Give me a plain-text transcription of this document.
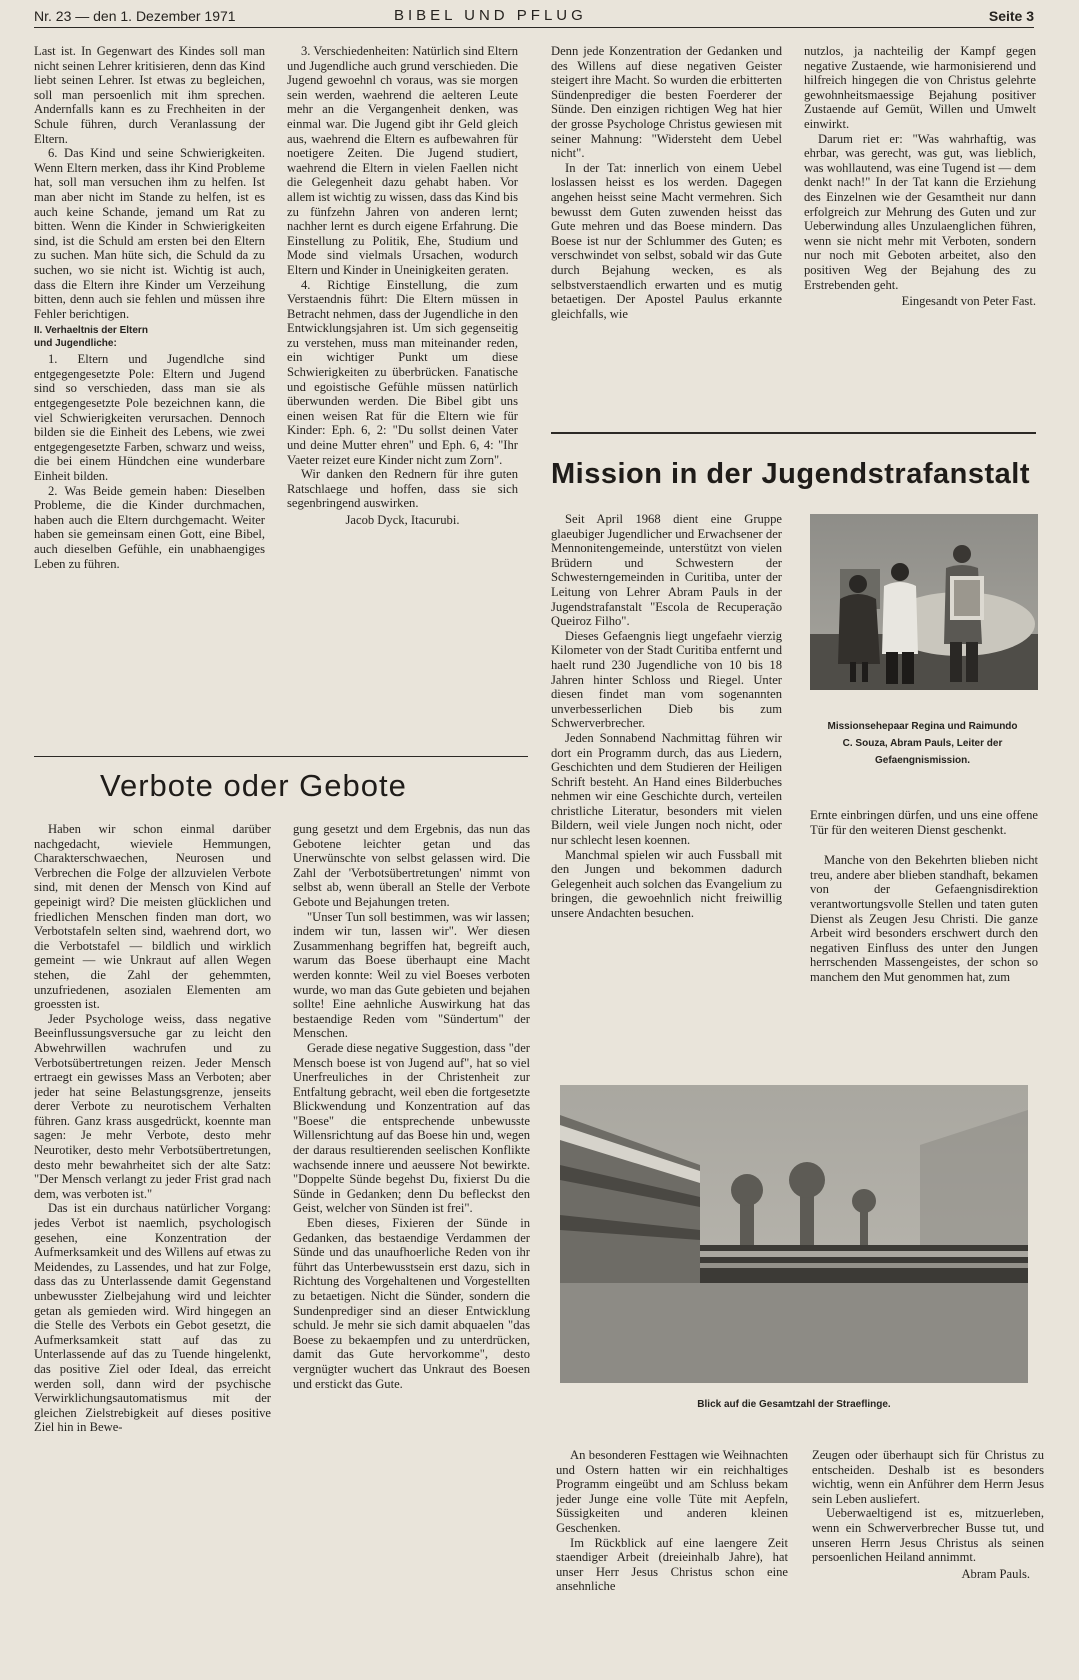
Nr. 23 — den 1. Dezember 1971	BIBEL UND PFLUG	Seite 3

Last ist. In Gegenwart des Kindes soll man nicht seinen Lehrer kritisieren, denn das Kind liebt seinen Lehrer. Ist etwas zu begleichen, soll man persoenlich mit ihm sprechen. Andernfalls kann es zu Frechheiten in der Schule führen, durch Veranlassung der Eltern.

6. Das Kind und seine Schwierigkeiten. Wenn Eltern merken, dass ihr Kind Probleme hat, soll man versuchen ihm zu helfen. Ist man aber nicht im Stande zu helfen, ist es auch keine Schande, jemand um Rat zu bitten. Wenn die Kinder in Schwierigkeiten sind, ist die Schuld am ersten bei den Eltern zu suchen. Man hüte sich, die Schuld da zu suchen, wo sie nicht ist. Wichtig ist auch, dass die Eltern ihre Kinder um Verzeihung bitten, denn auch sie fehlen und müssen ihre Fehler berichtigen.

II. Verhaeltnis der Eltern
und Jugendliche:

1. Eltern und Jugendlche sind entgegengesetzte Pole: Eltern und Jugend sind so verschieden, dass man sie als entgegengesetzte Pole bezeichnen kann, die viel Schwierigkeiten verursachen. Dennoch bilden sie die Einheit des Lebens, wie zwei entgegengesetzte Farben, schwarz und weiss, die bei einem Hündchen eine wunderbare Einheit bilden.

2. Was Beide gemein haben: Dieselben Probleme, die die Kinder durchmachen, haben auch die Eltern durchgemacht. Weiter haben sie gemeinsam einen Gott, eine Bibel, auch dieselben Gefühle, ein unabhaengiges Leben zu führen.

3. Verschiedenheiten: Natürlich sind Eltern und Jugendliche auch grund verschieden. Die Jugend gewoehnl ch voraus, was sie morgen sein werden, waehrend die aelteren Leute mehr an die Vergangenheit denken, was einmal war. Die Jugend gibt ihr Geld gleich aus, waehrend die Eltern es aufbewahren für noetigere Zeiten. Die Jugend studiert, waehrend die Eltern in vielen Faellen nicht die Gelegenheit dazu gehabt haben. Vor allem ist wichtig zu wissen, dass das Kind bis zu fünfzehn Jahren von anderen lernt; nachher lernt es durch eigene Erfahrung. Die Einstellung zu Politik, Ehe, Studium und Mode sind vielmals Ursachen, wodurch Eltern und Kinder in Uneinigkeiten geraten.

4. Richtige Einstellung, die zum Verstaendnis führt: Die Eltern müssen in Betracht nehmen, dass der Jugendliche in den Entwicklungsjahren ist. Um sich gegenseitig zu verstehen, muss man miteinander reden, ein wichtiger Punkt um diese Schwierigkeiten zu überbrücken. Fanatische und egoistische Gefühle müssen natürlich überwunden werden. Die Bibel gibt uns einen weisen Rat für die Eltern wie für Kinder: Eph. 6, 2: "Du sollst deinen Vater und deine Mutter ehren" und Eph. 6, 4: "Ihr Vaeter reizet eure Kinder nicht zum Zorn".

Wir danken den Rednern für ihre guten Ratschlaege und hoffen, dass sie sich segenbringend auswirken.

Jacob Dyck, Itacurubi.

Denn jede Konzentration der Gedanken und des Willens auf diese negativen Geister steigert ihre Macht. So wurden die erbitterten Sündenprediger die besten Foerderer der Sünde. Den einzigen richtigen Weg hat hier der grosse Psychologe Christus gewiesen mit seiner Mahnung: "Widersteht dem Uebel nicht".

In der Tat: innerlich von einem Uebel loslassen heisst es los werden. Dagegen angehen heisst seine Macht vermehren. Sich bewusst dem Guten zuwenden heisst das Gute mehren und das Boese mindern. Das Boese ist nur der Schlummer des Guten; es verschwindet von selbst, sobald wir das Gute durch Bejahung wecken, es als selbstverstaendlich erwarten und es mutig betaetigen. Der Apostel Paulus erkannte gleichfalls, wie

nutzlos, ja nachteilig der Kampf gegen negative Zustaende, wie harmonisierend und hilfreich hingegen die von Christus gelehrte gewohnheitsmaessige Bejahung positiver Zustaende auf Gemüt, Willen und Umwelt einwirkt.

Darum riet er: "Was wahrhaftig, was ehrbar, was gerecht, was gut, was lieblich, was wohllautend, was eine Tugend ist — dem denkt nach!" In der Tat kann die Erziehung des Einzelnen wie der Gesamtheit nur dann erfolgreich zur Mehrung des Guten und zur Ueberwindung alles Unzulaenglichen führen, wenn sie nicht mehr mit Verboten, sondern nur noch mit Geboten arbeitet, also den positiven Weg der Bejahung des zu Erstrebenden geht.

Eingesandt von Peter Fast.

Mission in der Jugendstrafanstalt

Seit April 1968 dient eine Gruppe glaeubiger Jugendlicher und Erwachsener der Mennonitengemeinde, unterstützt von vielen Brüdern und Schwestern der Schwesterngemeinden in Curitiba, unter der Leitung von Lehrer Abram Pauls in der Jugendstrafanstalt "Escola de Recuperação Queiroz Filho".

Dieses Gefaengnis liegt ungefaehr vierzig Kilometer von der Stadt Curitiba entfernt und haelt rund 230 Jugendliche von 10 bis 18 Jahren hinter Schloss und Riegel. Unter diesen findet man vom sogenannten unverbesserlichen Dieb bis zum Schwerverbrecher.

Jeden Sonnabend Nachmittag führen wir dort ein Programm durch, das aus Liedern, Geschichten und dem Studieren der Heiligen Schrift besteht. An Hand eines Bilderbuches nehmen wir eine Geschichte durch, verteilen christliche Literatur, besonders mit vielen Bildern, weil viele Jungen noch nicht, oder nur schlecht lesen koennen.

Manchmal spielen wir auch Fussball mit den Jungen und bekommen dadurch Gelegenheit auch solchen das Evangelium zu bringen, die gewoehnlich nicht freiwillig unsere Andachten besuchen.

Missionsehepaar Regina und Raimundo
C. Souza, Abram Pauls, Leiter der Gefaengnismission.

Ernte einbringen dürfen, und uns eine offene Tür für den weiteren Dienst geschenkt.

Manche von den Bekehrten blieben nicht treu, andere aber blieben standhaft, bekamen von der Gefaengnisdirektion verantwortungsvolle Stellen und taten guten Dienst als Zeugen Jesu Christi. Die ganze Arbeit wird besonders erschwert durch den negativen Einfluss des unter den Jungen herrschenden Massengeistes, der schon so manchem den Mut genommen hat, zum

Blick auf die Gesamtzahl der Straeflinge.

An besonderen Festtagen wie Weihnachten und Ostern hatten wir ein reichhaltiges Programm eingeübt und am Schluss bekam jeder Junge eine volle Tüte mit Aepfeln, Süssigkeiten und anderen kleinen Geschenken.

Im Rückblick auf eine laengere Zeit staendiger Arbeit (dreieinhalb Jahre), hat unser Herr Jesus Christus schon eine ansehnliche

Zeugen oder überhaupt sich für Christus zu entscheiden. Deshalb ist es besonders wichtig, wenn ein Anführer dem Herrn Jesus sein Leben ausliefert.

Ueberwaeltigend ist es, mitzuerleben, wenn ein Schwerverbrecher Busse tut, und unseren Herrn Jesus Christus als seinen persoenlichen Heiland annimmt.

Abram Pauls.

Verbote oder Gebote

Haben wir schon einmal darüber nachgedacht, wieviele Hemmungen, Charakterschwaechen, Neurosen und Verbrechen die Folge der allzuvielen Verbote sind, mit denen der Mensch von Kind auf gepeinigt wird? Die meisten glücklichen und friedlichen Menschen finden man dort, wo Verbotstafeln selten sind, waehrend dort, wo die Verbotstafel — bildlich und wirklich gemeint — wie Unkraut auf allen Wegen stehen, die Zahl der gehemmten, unzufriedenen, asozialen Elementen am groessten ist.

Jeder Psychologe weiss, dass negative Beeinflussungsversuche gar zu leicht den Abwehrwillen wachrufen und zu Verbotsübertretungen reizen. Jeder Mensch ertraegt ein gewisses Mass an Verboten; aber jeder hat seine Belastungsgrenze, jenseits derer Verbote zu neurotischem Verhalten führen. Ganz krass ausgedrückt, koennte man sagen: Je mehr Verbote, desto mehr Neurotiker, desto mehr Verbotsübertretungen, desto mehr bewahrheitet sich der alte Satz: "Der Mensch verlangt zu jeder Frist grad nach dem, was verboten ist."

Das ist ein durchaus natürlicher Vorgang: jedes Verbot ist naemlich, psychologisch gesehen, eine Konzentration der Aufmerksamkeit und des Willens auf etwas zu Meidendes, zu Lassendes, und hat zur Folge, dass das zu Unterlassende damit Gegenstand unbewusster Zielbejahung wird und leichter getan als gemieden wird. Wird hingegen an die Stelle des Verbots ein Gebot gesetzt, die Aufmerksamkeit statt auf das zu Unterlassende auf das zu Tuende hingelenkt, das positive Ziel oder Ideal, das erreicht werden soll, dann wird der psychische Verwirklichungsautomatismus mit der gleichen Zielstrebigkeit auf dieses positive Ziel hin in Bewe-

gung gesetzt und dem Ergebnis, das nun das Gebotene leichter getan und das Unerwünschte von selbst gelassen wird. Die Zahl der 'Verbotsübertretungen' nimmt von selbst ab, wenn überall an Stelle der Verbote Gebote und Bejahungen treten.

"Unser Tun soll bestimmen, was wir lassen; indem wir tun, lassen wir". Wer diesen Zusammenhang begriffen hat, begreift auch, warum das Boese überhaupt eine Macht werden konnte: Weil zu viel Boeses verboten wurde, wo man das Gute gebieten und bejahen sollte! Eine aehnliche Auswirkung hat das bestaendige Reden vom "Sündertum" der Menschen.

Gerade diese negative Suggestion, dass "der Mensch boese ist von Jugend auf", hat so viel Unerfreuliches in der Christenheit zur Entfaltung gebracht, weil eben die fortgesetzte Blickwendung und Konzentration auf das "Boese" die entsprechende unbewusste Willensrichtung auf das Boese hin und, wegen der daraus resultierenden seelischen Konflikte wachsende innere und aeussere Not bewirkte. "Doppelte Sünde begehst Du, fixierst Du die Sünde in Gedanken; denn Du befleckst den Geist, welcher von Sünden ist frei".

Eben dieses, Fixieren der Sünde in Gedanken, das bestaendige Verdammen der Sünde und das unaufhoerliche Reden von ihr führt das Unterbewusstsein erst dazu, sich in Richtung des Vorgehaltenen und Vorgestellten zu betaetigen. Nicht die Sünder, sondern die Sundenprediger sind an dieser Entwicklung schuld. Je mehr sie sich damit abquaelen "das Boese zu bekaempfen und zu unterdrücken, damit das Gute hervorkomme", desto vergnügter wuchert das Unkraut des Boesen und erstickt das Gute.
